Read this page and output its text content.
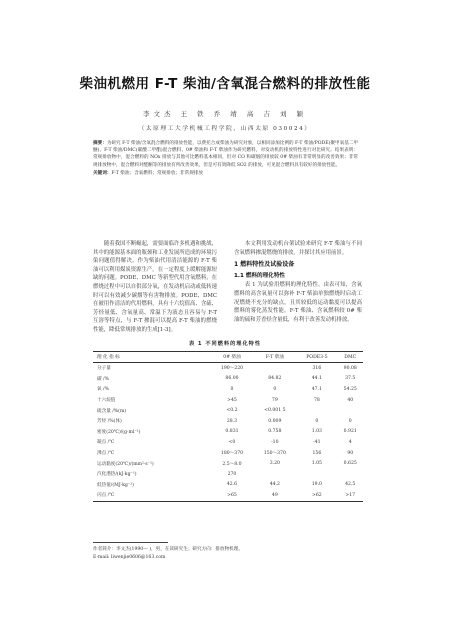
柴油机燃用 F-T 柴油/含氧混合燃料的排放性能
李文杰 王 铁 乔 靖 高 吉 刘 颖
（太原理工大学机械工程学院，山西太原 030024）
摘要：为研究 F-T 柴油/含氧混合燃料的排放性能，以费托合成柴油为研究对象，以相同添加比例的 F-T 柴油/PODE(聚甲氧基二甲醚)、F-T 柴油/DMC(碳酸二甲酯)混合燃料、0# 柴油和 F-T 柴油作为研究燃料，对发动机的排放特性进行对比研究。结果表明：常规排放物中，混合燃料的 NOx 排放与其他可比燃料基本相同，但对 CO 和碳烟的排放较 0# 柴油有非常明显的改善效果；非常规排放物中，混合燃料对醛酮等的排放有所改善效果，但是可有效降低 SO2 的排放，可见混合燃料具有较好的排放性能。
关键词：F-T 柴油；含氧燃料；常规排放；非常规排放

随着我国不断崛起，需要面临许多机遇和挑战，其中的能源基本面的瓶颈和工业发展所造成的环境污染问题值得解决。作为柴油代用清洁能源的 F-T 柴油可以利用煤炭资源生产，在一定程度上缓解能源短缺的问题。PODE、DMC 等新型代用含氧燃料，在燃烧过程中可以自供部分氧，在发动机启动或低转速时可以有效减少碳烟等有害物排放。PODE、DMC 在被用作清洁的代用燃料，具有十六烷值高、含硫、芳烃量低、含氧量高、常温下为液态且容易与 F-T 互溶等特点，与 F-T 掺混可以提高 F-T 柴油的燃烧性能，降低常规排放的生成[1-3]。

本文利用发动机台架试验来研究 F-T 柴油与不同含氧燃料掺混燃烧的排放，并探讨其应用前景。

1 燃料特性及试验设备
1.1 燃料的理化特性

表 1 为试验用燃料的理化特性。由表可知，含氧燃料的高含氧量可以弥补 F-T 柴油单独燃烧时启动工况燃烧不充分的缺点，且其较低的运动黏度可以提高燃料的雾化蒸发性能。F-T 柴油、含氧燃料较 0# 柴油的硫和芳香烃含量低，有利于改善发动机排放。

表 1 不同燃料的理化特性
理 化 指 标	0# 柴油	F-T 柴油	PODE3-5	DMC
分子量	190～220		316	90.08
碳 /%	86.00	84.82	44.1	37.5
氧 /%	0	0	47.1	54.25
十六烷值	>45	79	78	40
硫含量 /%(m)	<0.2	<0.001 5		
芳烃 /%(体)	28.3	0.009	0	0
密度(20℃)/(g·ml⁻¹)	0.831	0.758	1.03	0.921
凝点 /℃	<0	-10	-41	4
沸点 /℃	180～370	150～370	156	90
运动黏度(20℃)/(mm²·s⁻¹)	2.5～8.0	3.20	1.05	0.625
汽化潜热/(kJ·kg⁻¹)	270			
低热值/(MJ·kg⁻¹)	42.6	44.2	19.0	42.5
闪点 /℃	>65	49	>62	>17
作者简介：李文杰(1990— )，男，在读研究生；研究方向：排放物机理。
E-mail: liwenjie0606@163.com
